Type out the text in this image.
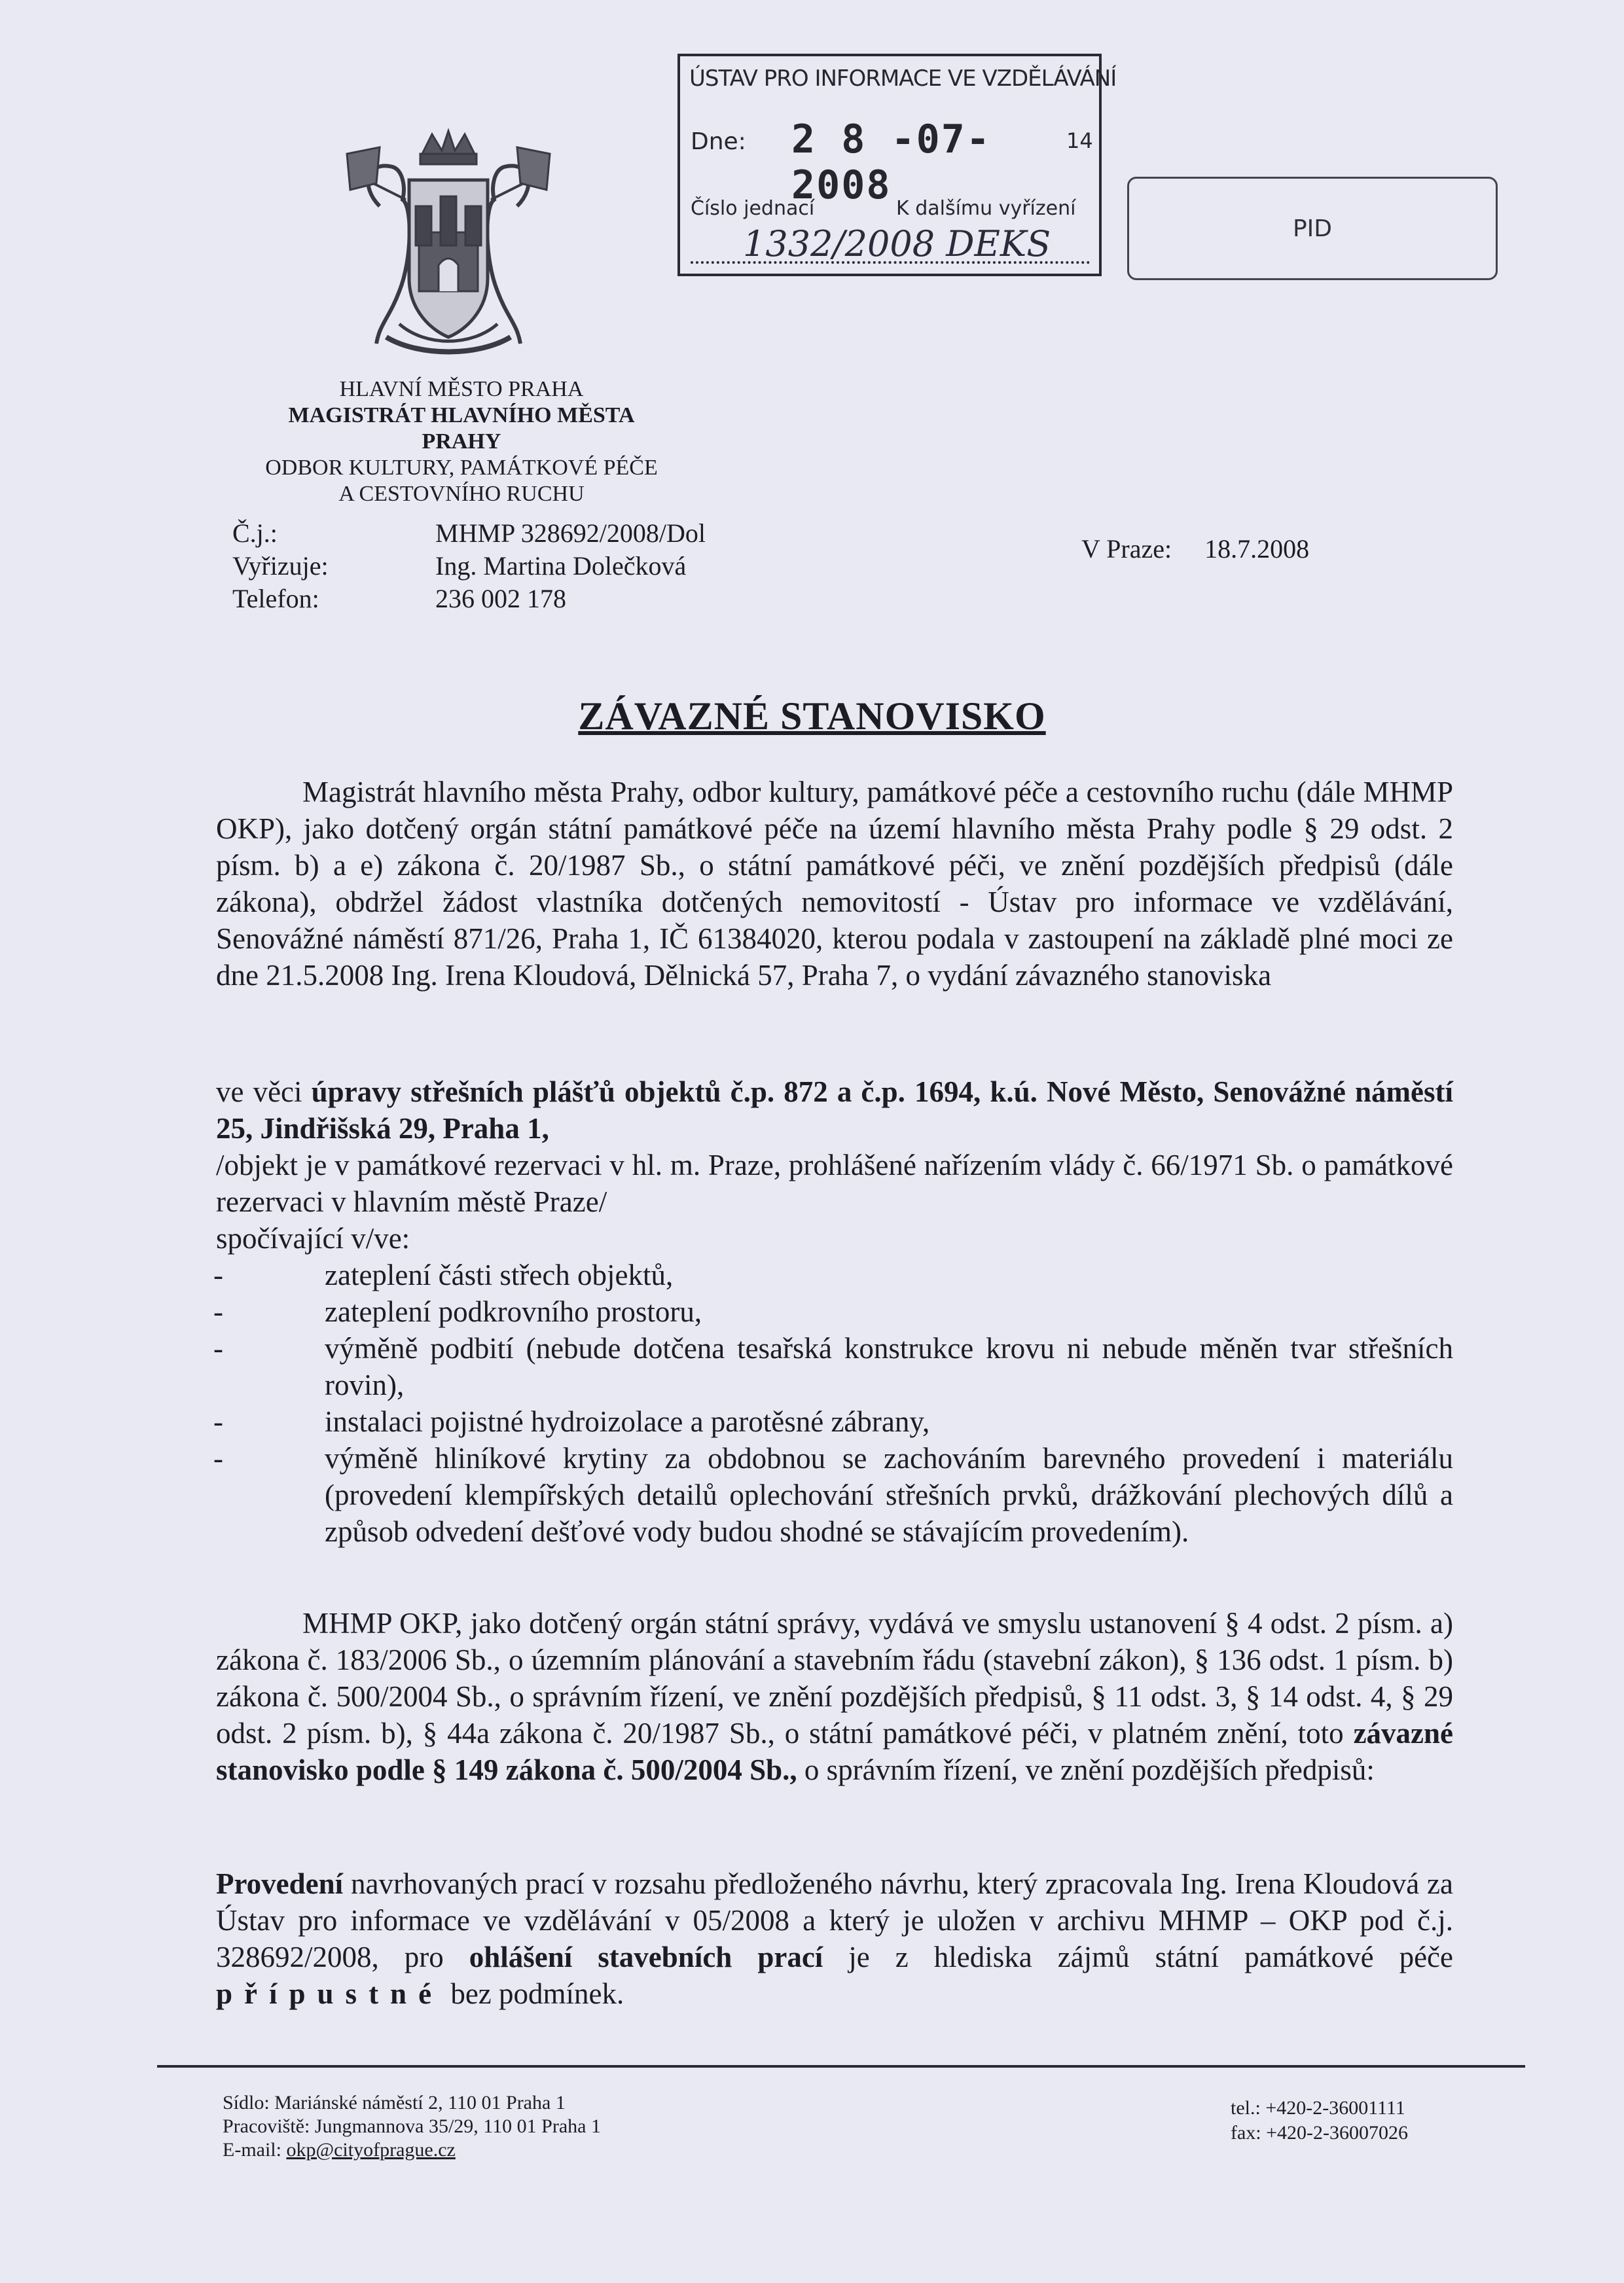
ÚSTAV PRO INFORMACE VE VZDĚLÁVÁNÍ
Dne: 2 8 -07- 2008
14
Číslo jednací	K dalšímu vyřízení
1332/2008 DEKS	PID
HLAVNÍ MĚSTO PRAHA
MAGISTRÁT HLAVNÍHO MĚSTA PRAHY
ODBOR KULTURY, PAMÁTKOVÉ PÉČE
A CESTOVNÍHO RUCHU
Č.j.:
Vyřizuje:
Telefon:
MHMP 328692/2008/Dol
Ing. Martina Dolečková
236 002 178
V Praze: 18.7.2008
ZÁVAZNÉ STANOVISKO
Magistrát hlavního města Prahy, odbor kultury, památkové péče a cestovního ruchu (dále MHMP OKP), jako dotčený orgán státní památkové péče na území hlavního města Prahy podle § 29 odst. 2 písm. b) a e) zákona č. 20/1987 Sb., o státní památkové péči, ve znění pozdějších předpisů (dále zákona), obdržel žádost vlastníka dotčených nemovitostí - Ústav pro informace ve vzdělávání, Senovážné náměstí 871/26, Praha 1, IČ 61384020, kterou podala v zastoupení na základě plné moci ze dne 21.5.2008 Ing. Irena Kloudová, Dělnická 57, Praha 7, o vydání závazného stanoviska

ve věci úpravy střešních plášťů objektů č.p. 872 a č.p. 1694, k.ú. Nové Město, Senovážné náměstí 25, Jindřišská 29, Praha 1,

/objekt je v památkové rezervaci v hl. m. Praze, prohlášené nařízením vlády č. 66/1971 Sb. o památkové rezervaci v hlavním městě Praze/

spočívající v/ve:

- zateplení části střech objektů,
- zateplení podkrovního prostoru,
- výměně podbití (nebude dotčena tesařská konstrukce krovu ni nebude měněn tvar střešních rovin),
- instalaci pojistné hydroizolace a parotěsné zábrany,
- výměně hliníkové krytiny za obdobnou se zachováním barevného provedení i materiálu (provedení klempířských detailů oplechování střešních prvků, drážkování plechových dílů a způsob odvedení dešťové vody budou shodné se stávajícím provedením).
MHMP OKP, jako dotčený orgán státní správy, vydává ve smyslu ustanovení § 4 odst. 2 písm. a) zákona č. 183/2006 Sb., o územním plánování a stavebním řádu (stavební zákon), § 136 odst. 1 písm. b) zákona č. 500/2004 Sb., o správním řízení, ve znění pozdějších předpisů, § 11 odst. 3, § 14 odst. 4, § 29 odst. 2 písm. b), § 44a zákona č. 20/1987 Sb., o státní památkové péči, v platném znění, toto závazné stanovisko podle § 149 zákona č. 500/2004 Sb., o správním řízení, ve znění pozdějších předpisů:
Provedení navrhovaných prací v rozsahu předloženého návrhu, který zpracovala Ing. Irena Kloudová za Ústav pro informace ve vzdělávání v 05/2008 a který je uložen v archivu MHMP – OKP pod č.j. 328692/2008, pro ohlášení stavebních prací je z hlediska zájmů státní památkové péče přípustné bez podmínek.
Sídlo: Mariánské náměstí 2, 110 01 Praha 1
Pracoviště: Jungmannova 35/29, 110 01 Praha 1
E-mail: okp@cityofprague.cz
tel.: +420-2-36001111
fax: +420-2-36007026
